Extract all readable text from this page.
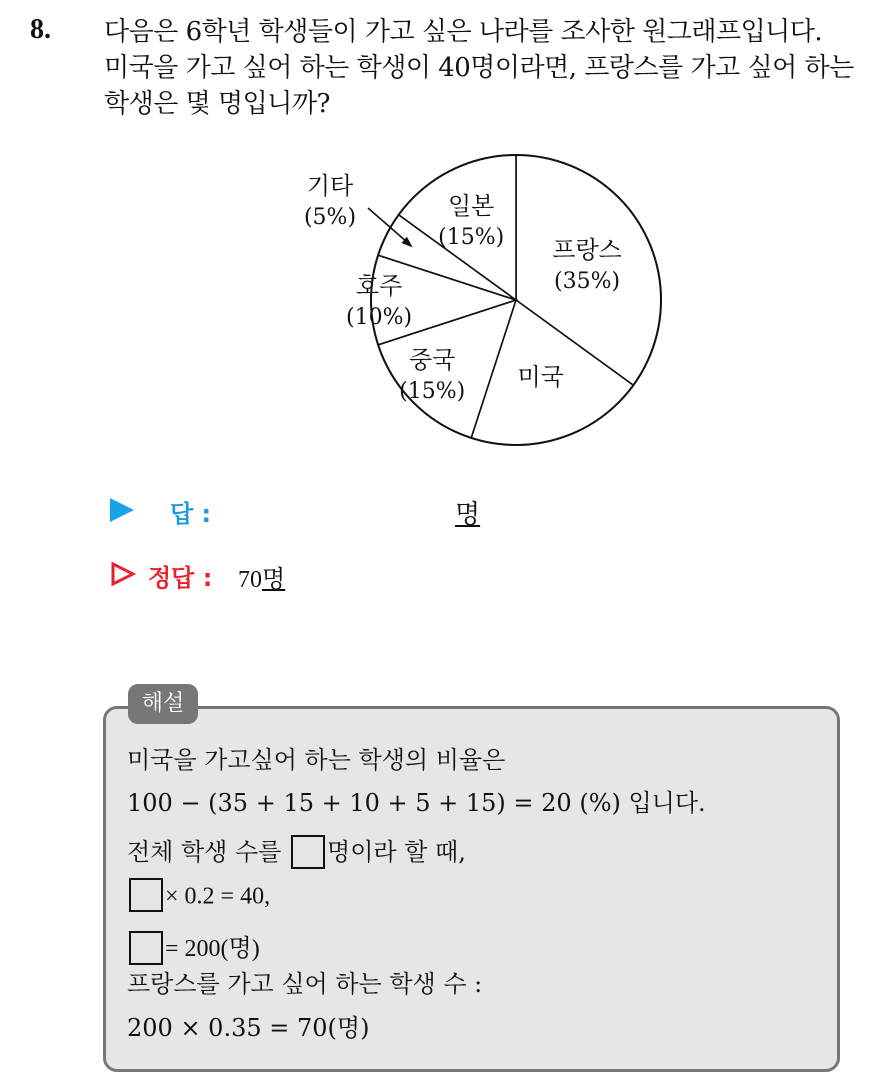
8. 다음은 6학년 학생들이 가고 싶은 나라를 조사한 원그래프입니다.
미국을 가고 싶어 하는 학생이 40명이라면, 프랑스를 가고 싶어 하는
학생은 몇 명입니까?
프랑스
(35%)
미국
중국
(15%)
호주
(10%)
기타
(5%)	일본
(15%)
답 :	명
정답 : 70명
해설
미국을 가고싶어 하는 학생의 비율은
100 − (35 + 15 + 10 + 5 + 15) = 20 (%) 입니다.
전체 학생 수를 명이라 할 때,
× 0.2 = 40,
= 200(명)
프랑스를 가고 싶어 하는 학생 수 :
200 × 0.35 = 70(명)
